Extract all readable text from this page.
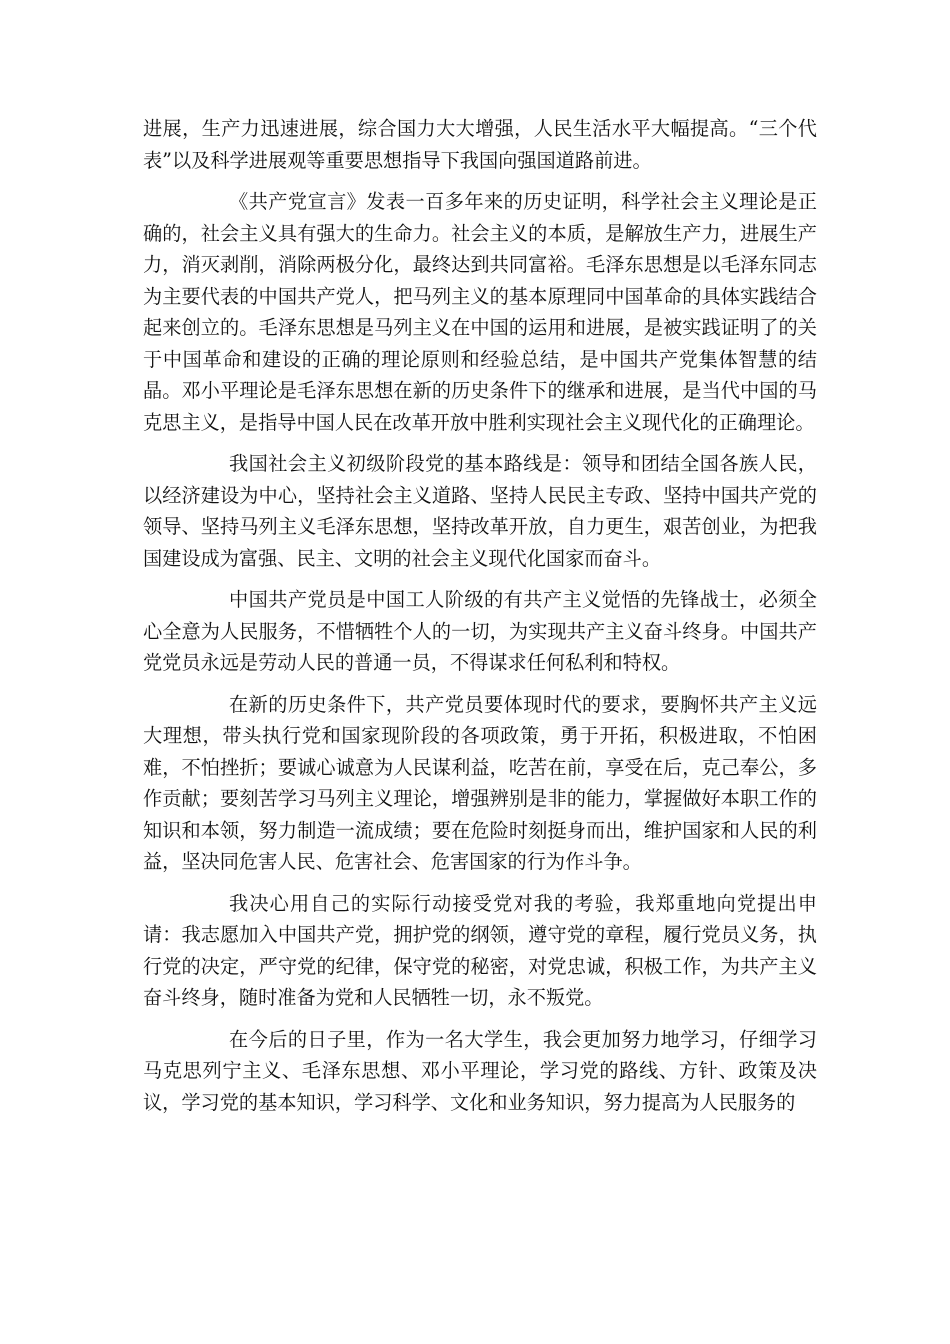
进展，生产力迅速进展，综合国力大大增强，人民生活水平大幅提高。“三个代表”以及科学进展观等重要思想指导下我国向强国道路前进。

《共产党宣言》发表一百多年来的历史证明，科学社会主义理论是正确的，社会主义具有强大的生命力。社会主义的本质，是解放生产力，进展生产力，消灭剥削，消除两极分化，最终达到共同富裕。毛泽东思想是以毛泽东同志为主要代表的中国共产党人，把马列主义的基本原理同中国革命的具体实践结合起来创立的。毛泽东思想是马列主义在中国的运用和进展，是被实践证明了的关于中国革命和建设的正确的理论原则和经验总结，是中国共产党集体智慧的结晶。邓小平理论是毛泽东思想在新的历史条件下的继承和进展，是当代中国的马克思主义，是指导中国人民在改革开放中胜利实现社会主义现代化的正确理论。

我国社会主义初级阶段党的基本路线是：领导和团结全国各族人民，以经济建设为中心，坚持社会主义道路、坚持人民民主专政、坚持中国共产党的领导、坚持马列主义毛泽东思想，坚持改革开放，自力更生，艰苦创业，为把我国建设成为富强、民主、文明的社会主义现代化国家而奋斗。

中国共产党员是中国工人阶级的有共产主义觉悟的先锋战士，必须全心全意为人民服务，不惜牺牲个人的一切，为实现共产主义奋斗终身。中国共产党党员永远是劳动人民的普通一员，不得谋求任何私利和特权。

在新的历史条件下，共产党员要体现时代的要求，要胸怀共产主义远大理想，带头执行党和国家现阶段的各项政策，勇于开拓，积极进取，不怕困难，不怕挫折；要诚心诚意为人民谋利益，吃苦在前，享受在后，克己奉公，多作贡献；要刻苦学习马列主义理论，增强辨别是非的能力，掌握做好本职工作的知识和本领，努力制造一流成绩；要在危险时刻挺身而出，维护国家和人民的利益，坚决同危害人民、危害社会、危害国家的行为作斗争。

我决心用自己的实际行动接受党对我的考验，我郑重地向党提出申请：我志愿加入中国共产党，拥护党的纲领，遵守党的章程，履行党员义务，执行党的决定，严守党的纪律，保守党的秘密，对党忠诚，积极工作，为共产主义奋斗终身，随时准备为党和人民牺牲一切，永不叛党。

在今后的日子里，作为一名大学生，我会更加努力地学习，仔细学习马克思列宁主义、毛泽东思想、邓小平理论，学习党的路线、方针、政策及决议，学习党的基本知识，学习科学、文化和业务知识，努力提高为人民服务的
